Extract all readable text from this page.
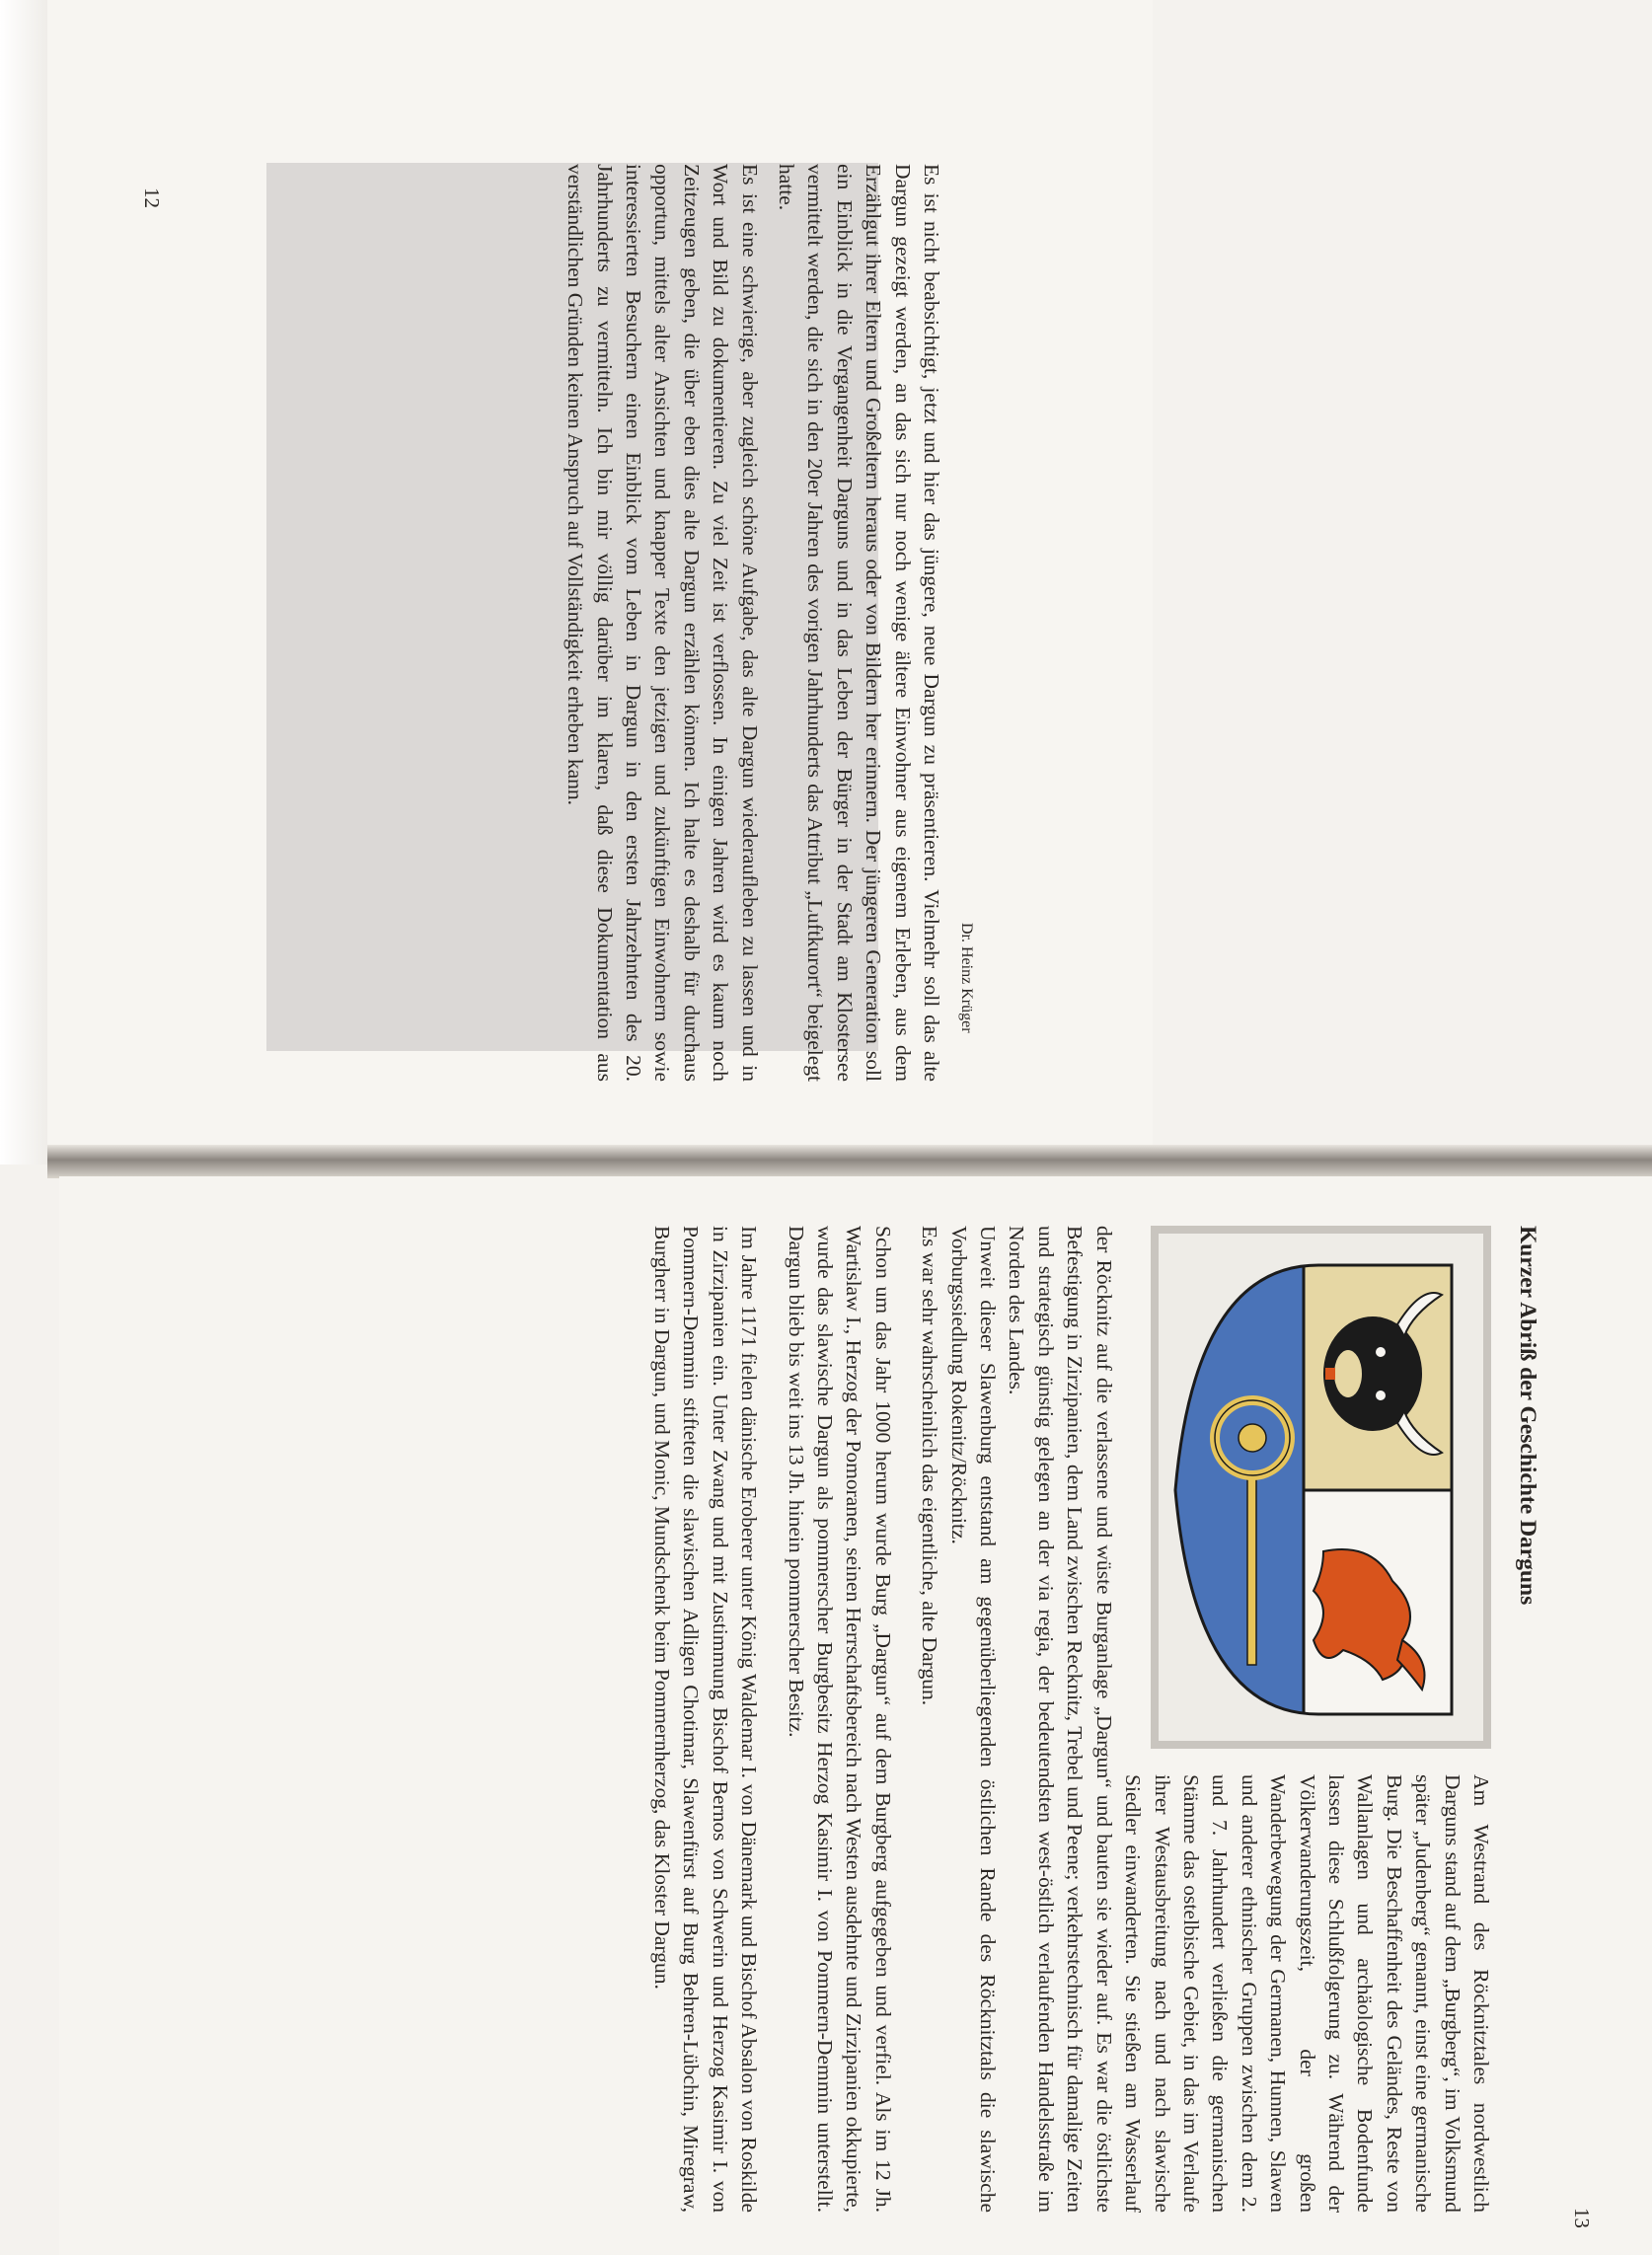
12	Es ist nicht beabsichtigt, jetzt und hier das jüngere, neue Dargun zu präsentieren. Vielmehr soll das alte Dargun gezeigt werden, an das sich nur noch wenige ältere Einwohner aus eigenem Erleben, aus dem Erzählgut ihrer Eltern und Großeltern heraus oder von Bildern her erinnern. Der jüngeren Generation soll ein Einblick in die Vergangenheit Darguns und in das Leben der Bürger in der Stadt am Klostersee vermittelt werden, die sich in den 20er Jahren des vorigen Jahrhunderts das Attribut „Luftkurort“ beigelegt hatte.

Es ist eine schwierige, aber zugleich schöne Aufgabe, das alte Dargun wiederaufleben zu lassen und in Wort und Bild zu dokumentieren. Zu viel Zeit ist verflossen. In einigen Jahren wird es kaum noch Zeitzeugen geben, die über eben dies alte Dargun erzählen können. Ich halte es deshalb für durchaus opportun, mittels alter Ansichten und knapper Texte den jetzigen und zukünftigen Einwohnern sowie interessierten Besuchern einen Einblick vom Leben in Dargun in den ersten Jahrzehnten des 20. Jahrhunderts zu vermitteln. Ich bin mir völlig darüber im klaren, daß diese Dokumentation aus verständlichen Gründen keinen Anspruch auf Vollständigkeit erheben kann.

Dr. Heinz Krüger
13

Kurzer Abriß der Geschichte Darguns

Am Westrand des Röcknitztales nordwestlich Darguns stand auf dem „Burgberg“, im Volksmund später „Judenberg“ genannt, einst eine germanische Burg. Die Beschaffenheit des Geländes, Reste von Wallanlagen und archäologische Bodenfunde lassen diese Schlußfolgerung zu. Während der Völkerwanderungszeit, der großen Wanderbewegung der Germanen, Hunnen, Slawen und anderer ethnischer Gruppen zwischen dem 2. und 7. Jahrhundert verließen die germanischen Stämme das ostelbische Gebiet, in das im Verlaufe ihrer Westausbreitung nach und nach slawische Siedler einwanderten. Sie stießen am Wasserlauf der Röcknitz auf die verlassene und wüste Burganlage „Dargun“ und bauten sie wieder auf. Es war die östlichste Befestigung in Zirzipanien, dem Land zwischen Recknitz, Trebel und Peene; verkehrstechnisch für damalige Zeiten und strategisch günstig gelegen an der via regia, der bedeutendsten west-östlich verlaufenden Handelsstraße im Norden des Landes.

Unweit dieser Slawenburg entstand am gegenüberliegenden östlichen Rande des Röcknitztals die slawische Vorburgssiedlung Rokenitz/Röcknitz.

Es war sehr wahrscheinlich das eigentliche, alte Dargun.

Schon um das Jahr 1000 herum wurde Burg „Dargun“ auf dem Burgberg aufgegeben und verfiel. Als im 12 Jh. Wartislaw I., Herzog der Pomoranen, seinen Herrschaftsbereich nach Westen ausdehnte und Zirzipanien okkupierte, wurde das slawische Dargun als pommerscher Burgbesitz Herzog Kasimir I. von Pommern-Demmin unterstellt. Dargun blieb bis weit ins 13 Jh. hinein pommerscher Besitz.

Im Jahre 1171 fielen dänische Eroberer unter König Waldemar I. von Dänemark und Bischof Absalon von Roskilde in Zirzipanien ein. Unter Zwang und mit Zustimmung Bischof Bernos von Schwerin und Herzog Kasimir I. von Pommern-Demmin stifteten die slawischen Adligen Chotimar, Slawenfürst auf Burg Behren-Lübchin, Miregraw, Burgherr in Dargun, und Monic, Mundschenk beim Pommernherzog, das Kloster Dargun.
